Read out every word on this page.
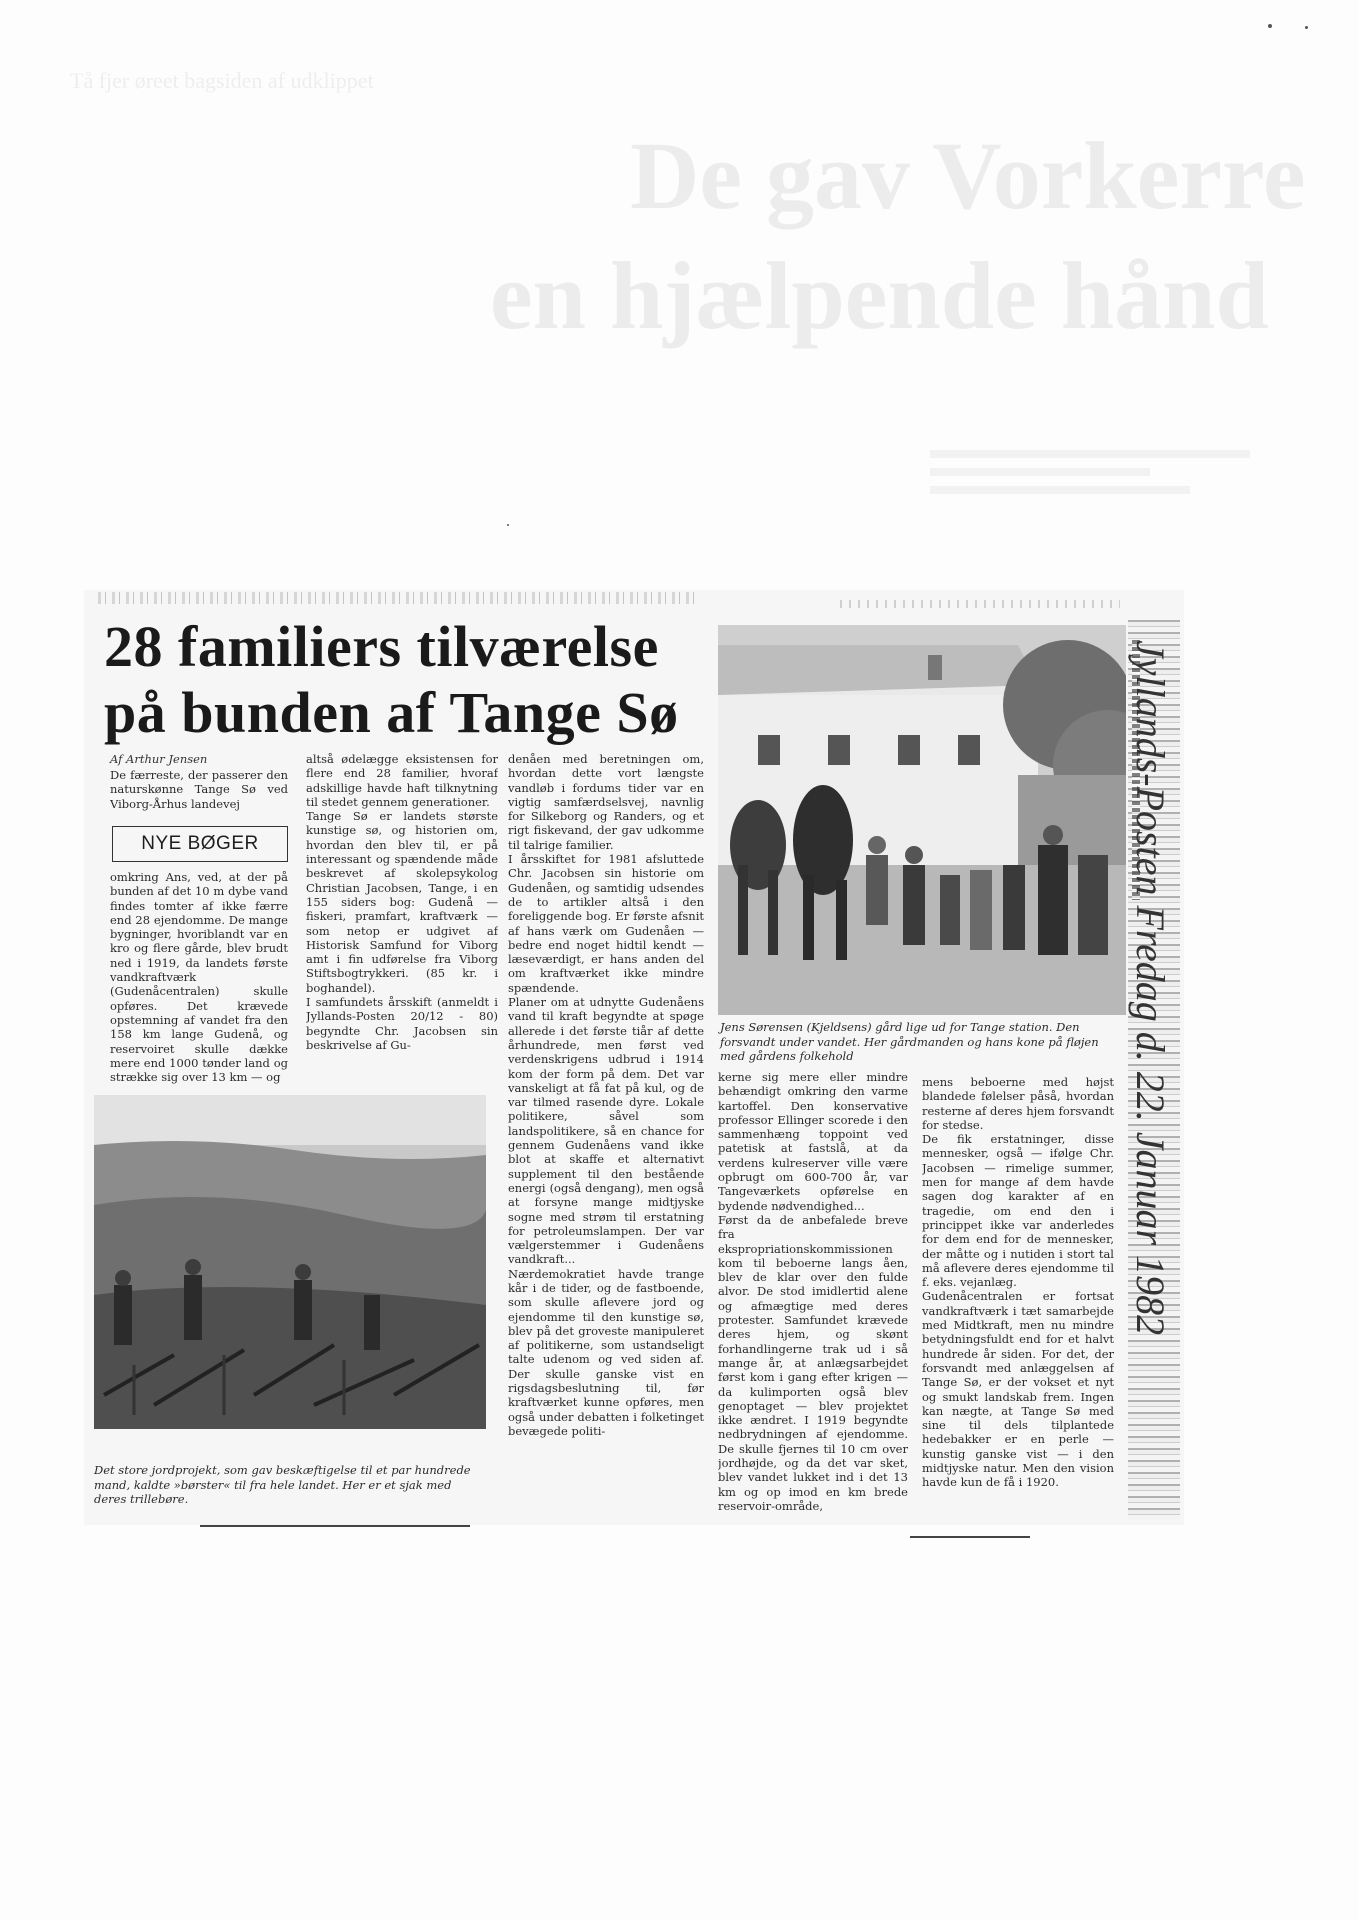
Tå fjer øreet bagsiden af udklippet
De gav Vorkerre
en hjælpende hånd
28 familiers tilværelse
på bunden af Tange Sø

Af Arthur Jensen

De færreste, der passerer den naturskønne Tange Sø ved Viborg-Århus landevej

NYE BØGER

omkring Ans, ved, at der på bunden af det 10 m dybe vand findes tomter af ikke færre end 28 ejendomme. De mange bygninger, hvoriblandt var en kro og flere gårde, blev brudt ned i 1919, da landets første vandkraftværk (Gudenåcentralen) skulle opføres. Det krævede opstemning af vandet fra den 158 km lange Gudenå, og reservoiret skulle dække mere end 1000 tønder land og strække sig over 13 km — og

altså ødelægge eksistensen for flere end 28 familier, hvoraf adskillige havde haft tilknytning til stedet gennem generationer.
Tange Sø er landets største kunstige sø, og historien om, hvordan den blev til, er på interessant og spændende måde beskrevet af skolepsykolog Christian Jacobsen, Tange, i en 155 siders bog: Gudenå — fiskeri, pramfart, kraftværk — som netop er udgivet af Historisk Samfund for Viborg amt i fin udførelse fra Viborg Stiftsbogtrykkeri. (85 kr. i boghandel).
I samfundets årsskift (anmeldt i Jyllands-Posten 20/12 - 80) begyndte Chr. Jacobsen sin beskrivelse af Gu-

denåen med beretningen om, hvordan dette vort længste vandløb i fordums tider var en vigtig samfærdselsvej, navnlig for Silkeborg og Randers, og et rigt fiskevand, der gav udkomme til talrige familier.
I årsskiftet for 1981 afsluttede Chr. Jacobsen sin historie om Gudenåen, og samtidig udsendes de to artikler altså i den foreliggende bog. Er første afsnit af hans værk om Gudenåen — bedre end noget hidtil kendt — læseværdigt, er hans anden del om kraftværket ikke mindre spændende.
Planer om at udnytte Gudenåens vand til kraft begyndte at spøge allerede i det første tiår af dette århundrede, men først ved verdenskrigens udbrud i 1914 kom der form på dem. Det var vanskeligt at få fat på kul, og de var tilmed rasende dyre. Lokale politikere, såvel som landspolitikere, så en chance for gennem Gudenåens vand ikke blot at skaffe et alternativt supplement til den bestående energi (også dengang), men også at forsyne mange midtjyske sogne med strøm til erstatning for petroleumslampen. Der var vælgerstemmer i Gudenåens vandkraft...
Nærdemokratiet havde trange kår i de tider, og de fastboende, som skulle aflevere jord og ejendomme til den kunstige sø, blev på det groveste manipuleret af politikerne, som ustandseligt talte udenom og ved siden af. Der skulle ganske vist en rigsdagsbeslutning til, før kraftværket kunne opføres, men også under debatten i folketinget bevægede politi-

Jens Sørensen (Kjeldsens) gård lige ud for Tange station. Den forsvandt under vandet. Her gårdmanden og hans kone på fløjen med gårdens folkehold

kerne sig mere eller mindre behændigt omkring den varme kartoffel. Den konservative professor Ellinger scorede i den sammenhæng toppoint ved patetisk at fastslå, at da verdens kulreserver ville være opbrugt om 600-700 år, var Tangeværkets opførelse en bydende nødvendighed...
Først da de anbefalede breve fra ekspropriationskommissionen kom til beboerne langs åen, blev de klar over den fulde alvor. De stod imidlertid alene og afmægtige med deres protester. Samfundet krævede deres hjem, og skønt forhandlingerne trak ud i så mange år, at anlægsarbejdet først kom i gang efter krigen — da kulimporten også blev genoptaget — blev projektet ikke ændret. I 1919 begyndte nedbrydningen af ejendomme. De skulle fjernes til 10 cm over jordhøjde, og da det var sket, blev vandet lukket ind i det 13 km og op imod en km brede reservoir-område,

mens beboerne med højst blandede følelser påså, hvordan resterne af deres hjem forsvandt for stedse.
De fik erstatninger, disse mennesker, også — ifølge Chr. Jacobsen — rimelige summer, men for mange af dem havde sagen dog karakter af en tragedie, om end den i princippet ikke var anderledes for dem end for de mennesker, der måtte og i nutiden i stort tal må aflevere deres ejendomme til f. eks. vejanlæg.
Gudenåcentralen er fortsat vandkraftværk i tæt samarbejde med Midtkraft, men nu mindre betydningsfuldt end for et halvt hundrede år siden. For det, der forsvandt med anlæggelsen af Tange Sø, er der vokset et nyt og smukt landskab frem. Ingen kan nægte, at Tange Sø med sine til dels tilplantede hedebakker er en perle — kunstig ganske vist — i den midtjyske natur. Men den vision havde kun de få i 1920.

Det store jordprojekt, som gav beskæftigelse til et par hundrede mand, kaldte »børster« til fra hele landet. Her er et sjak med deres trillebøre.

Jyllands-Posten Fredag d. 22. Januar 1982
